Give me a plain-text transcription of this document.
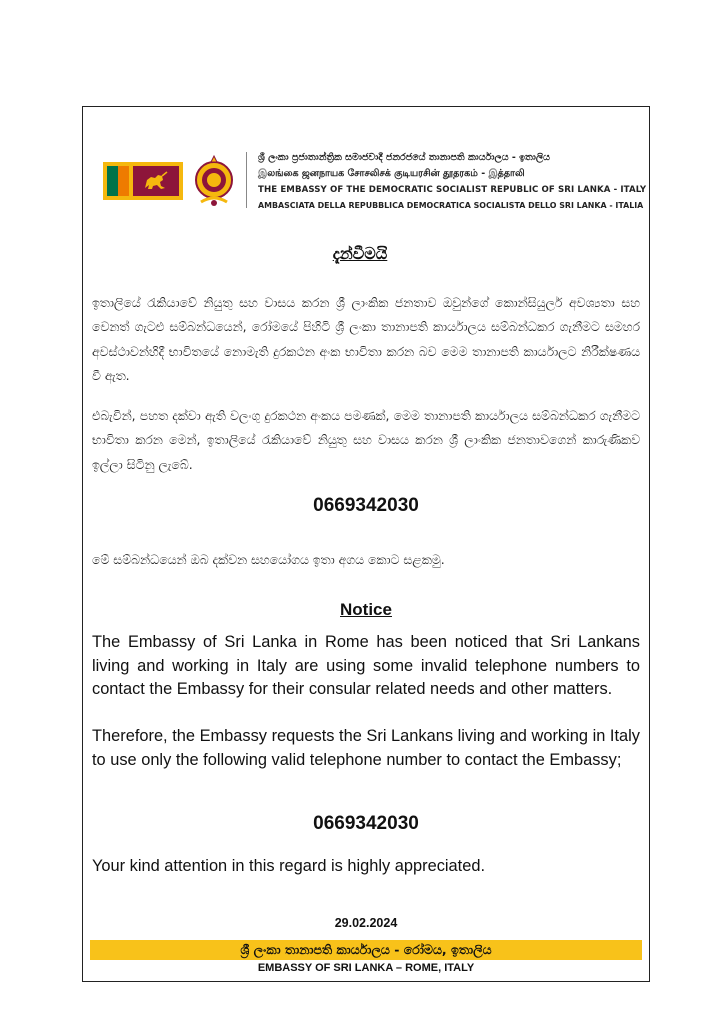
ශ්‍රී ලංකා ප්‍රජාතාන්ත්‍රික සමාජවාදී ජනරජයේ තානාපති කාර්යාලය - ඉතාලිය
இலங்கை ஜனநாயக சோசலிசக் குடியரசின் தூதரகம் - இத்தாலி
THE EMBASSY OF THE DEMOCRATIC SOCIALIST REPUBLIC OF SRI LANKA - ITALY
AMBASCIATA DELLA REPUBBLICA DEMOCRATICA SOCIALISTA DELLO SRI LANKA - ITALIA
දැන්වීමයි
ඉතාලියේ රැකියාවේ නියුතු සහ වාසය කරන ශ්‍රී ලාංකික ජනතාව ඔවුන්ගේ කොන්සියුලර් අවශ්‍යතා සහ වෙනත් ගැටළු සම්බන්ධයෙන්, රෝමයේ පිහිටි ශ්‍රී ලංකා තානාපති කාර්යාලය සම්බන්ධකර ගැනීමට සමහර අවස්ථාවන්හිදී භාවිතයේ නොමැති දුරකථන අංක භාවිතා කරන බව මෙම තානාපති කාර්යාලට නිරීක්ෂණය වී ඇත.
එබැවින්, පහත දක්වා ඇති වලංගු දුරකථන අංකය පමණක්, මෙම තානාපති කාර්යාලය සම්බන්ධකර ගැනීමට භාවිතා කරන මෙන්, ඉතාලියේ රැකියාවේ නියුතු සහ වාසය කරන ශ්‍රී ලාංකික ජනතාවගෙන් කාරුණිකව ඉල්ලා සිටිනු ලැබේ.
0669342030
මේ සම්බන්ධයෙන් ඔබ දක්වන සහයෝගය ඉතා අගය කොට සළකමු.
Notice
The Embassy of Sri Lanka in Rome has been noticed that Sri Lankans living and working in Italy are using some invalid telephone numbers to contact the Embassy for their consular related needs and other matters.
Therefore, the Embassy requests the Sri Lankans living and working in Italy to use only the following valid telephone number to contact the Embassy;
0669342030
Your kind attention in this regard is highly appreciated.
29.02.2024
ශ්‍රී ලංකා තානාපති කාර්යාලය - රෝමය, ඉතාලිය
EMBASSY OF SRI LANKA – ROME, ITALY
